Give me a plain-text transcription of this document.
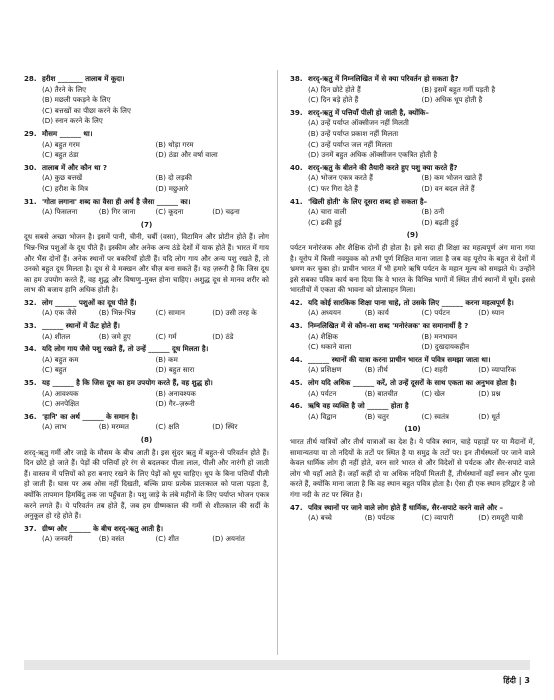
28. हरीश _______ तालाब में कूदा।
(A) तैरने के लिए
(B) मछली पकड़ने के लिए
(C) बत्तखों का पीछा करने के लिए
(D) स्नान करने के लिए
29. मौसम ______ था।
(A) बहुत गरम	(B) थोड़ा गरम
(C) बहुत ठंडा	(D) ठंडा और वर्षा वाला
30. तालाब में और कौन था ?
(A) कुछ बत्तखें	(B) दो लड़की
(C) हरीश के मित्र	(D) मछुआरे
31. 'गोता लगाना' शब्द का वैसा ही अर्थ है जैसा ______ का।
(A) फिसलना	(B) गिर जाना	(C) कूदना	(D) चढ़ना
(7)
दूध सबसे अच्छा भोजन है। इसमें पानी, चीनी, चर्बी (वसा), विटामिन और प्रोटीन होते हैं। लोग भिन्न-भिन्न पशुओं के दूध पीते हैं। इस्कीम और अनेक अन्य ठंडे देशों में याक होते हैं। भारत में गाय और भैंस दोनों हैं। अनेक स्थानों पर बकरियाँ होती हैं। यदि लोग गाय और अन्य पशु रखते हैं, तो उनको बहुत दूध मिलता है। दूध से वे मक्खन और चीज़ बना सकते हैं। यह ज़रूरी है कि जिस दूध का हम उपयोग करते हैं, वह शुद्ध और विषाणु–मुक्त होना चाहिए। अशुद्ध दूध से मानव शरीर को लाभ की बजाय हानि अधिक होती है।
32. लोग ______ पशुओं का दूध पीते हैं।
(A) एक जैसे	(B) भिन्न-भिन्न	(C) सामान	(D) उसी तरह के
33. ______ स्थानों में ऊँट होते हैं।
(A) शीतल	(B) जमे हुए	(C) गर्म	(D) ठंडे
34. यदि लोग गाय जैसे पशु रखते हैं, तो उन्हें ______ दूध मिलता है।
(A) बहुत कम	(B) कम
(C) बहुत	(D) बहुत सारा
35. यह ______ है कि जिस दूध का हम उपयोग करते हैं, वह शुद्ध हो।
(A) आवश्यक	(B) अनावश्यक
(C) अनपेक्षित	(D) गैर–ज़रूरी
36. 'हानि' का अर्थ ______ के समान है।
(A) लाभ	(B) मरम्मत	(C) क्षति	(D) स्थिर
(8)
शरद्-ऋतु गर्मी और जाड़े के मौसम के बीच आती है। इस सुंदर ऋतु में बहुत-से परिवर्तन होते हैं। दिन छोटे हो जाते हैं। पेड़ों की पत्तियाँ हरे रंग से बदलकर पीला लाल, पीली और नारंगी हो जाती हैं। वास्तव में पत्तियों को हरा बनाए रखने के लिए पेड़ों को धूप चाहिए। धूप के बिना पत्तियाँ पीली हो जाती हैं। घास पर अब ओस नहीं दिखती, बल्कि प्रायः प्रत्येक प्रातःकाल को पाला पड़ता है, क्योंकि तापमान हिमबिंदु तक जा पहुँचता है। पशु जाड़े के लंबे महीनों के लिए पर्याप्त भोजन एकत्र करने लगते हैं। ये परिवर्तन तब होते हैं, जब हम ग्रीष्मकाल की गर्मी से शीतकाल की सर्दी के अनुकूल हो रहे होते हैं।
37. ग्रीष्म और ______ के बीच शरद्-ऋतु आती है।
(A) जनवरी	(B) वसंत	(C) शीत	(D) अयनांत
38. शरद्-ऋतु में निम्नलिखित में से क्या परिवर्तन हो सकता है?
(A) दिन छोटे होते हैं	(B) इसमें बहुत गर्मी पड़ती है
(C) दिन बड़े होते हैं	(D) अधिक धूप होती है
39. शरद्-ऋतु में पत्तियाँ पीली हो जाती है, क्योंकि–
(A) उन्हें पर्याप्त ऑक्सीजन नहीं मिलती
(B) उन्हें पर्याप्त प्रकाश नहीं मिलता
(C) उन्हें पर्याप्त जल नहीं मिलता
(D) उनमें बहुत अधिक ऑक्सीजन एकत्रित होती है
40. शरद्-ऋतु के बीतने की तैयारी करते हुए पशु क्या करते हैं?
(A) भोजन एकत्र करते हैं	(B) कम भोजन खाते हैं
(C) फर गिरा देते हैं	(D) वन बदल लेते हैं
41. 'खिली होती' के लिए दूसरा शब्द हो सकता है–
(A) चारा वाली	(B) ठनी
(C) ढकी हुई	(D) बढ़ती हुई
(9)
पर्यटन मनोरंजक और शैक्षिक दोनों ही होता है। इसे सदा ही शिक्षा का महत्वपूर्ण अंग माना गया है। यूरोप में किसी नवयुवक को तभी पूर्ण शिक्षित माना जाता है जब वह यूरोप के बहुत से देशों में भ्रमण कर चुका हो। प्राचीन भारत में भी हमारे ऋषि पर्यटन के महान मूल्य को समझते थे। उन्होंने इसे सबका पवित्र कार्य बना दिया कि वे भारत के विभिन्न भागों में स्थित तीर्थ स्थानों में घूमें। इससे भारतीयों में एकता की भावना को प्रोत्साहन मिला।
42. यदि कोई सारकिक शिक्षा पाना चाहे, तो उसके लिए ______ करना महत्वपूर्ण है।
(A) अध्ययन	(B) कार्य	(C) पर्यटन	(D) ध्यान
43. निम्नलिखित में से कौन–सा शब्द 'मनोरंजक' का समानार्थी है ?
(A) शैक्षिक	(B) मनभावन
(C) थकाने वाला	(D) दुखदायकहीन
44. ______ स्थानों की यात्रा करना प्राचीन भारत में पवित्र समझा जाता था।
(A) प्रशिक्षण	(B) तीर्थ	(C) शहरी	(D) व्यापारिक
45. लोग यदि अधिक ______ करें, तो उन्हें दूसरों के साथ एकता का अनुभव होता है।
(A) पर्यटन	(B) बातचीत	(C) खेल	(D) प्रश्न
46. ऋषि वह व्यक्ति है जो ______ होता है
(A) विद्वान	(B) चतुर	(C) स्वतंत्र	(D) धूर्त
(10)
भारत तीर्थ यात्रियों और तीर्थ यात्राओं का देश है। ये पवित्र स्थान, चाहे पहाड़ों पर या मैदानों में, सामान्यतया या तो नदियों के तटों पर स्थित है या समुद्र के तटों पर। इन तीर्थस्थलों पर जाने वाले केवल धार्मिक लोग ही नहीं होते, वरन सारे भारत से और विदेशों से पर्यटक और सैर-सपाटे वाले लोग भी यहाँ आते हैं। जहाँ कहीं दो या अधिक नदियाँ मिलती हैं, तीर्थस्थानों वहाँ स्नान और पूजा करते हैं, क्योंकि माना जाता है कि वह स्थान बहुत पवित्र होता है। ऐसा ही एक स्थान हरिद्वार है जो गंगा नदी के तट पर स्थित है।
47. पवित्र स्थानों पर जाने वाले लोग होते हैं धार्मिक, सैर-सपाटे करने वाले और –
(A) बच्चे	(B) पर्यटक	(C) व्यापारी	(D) रामदूरी यात्री
हिंदी | 3
